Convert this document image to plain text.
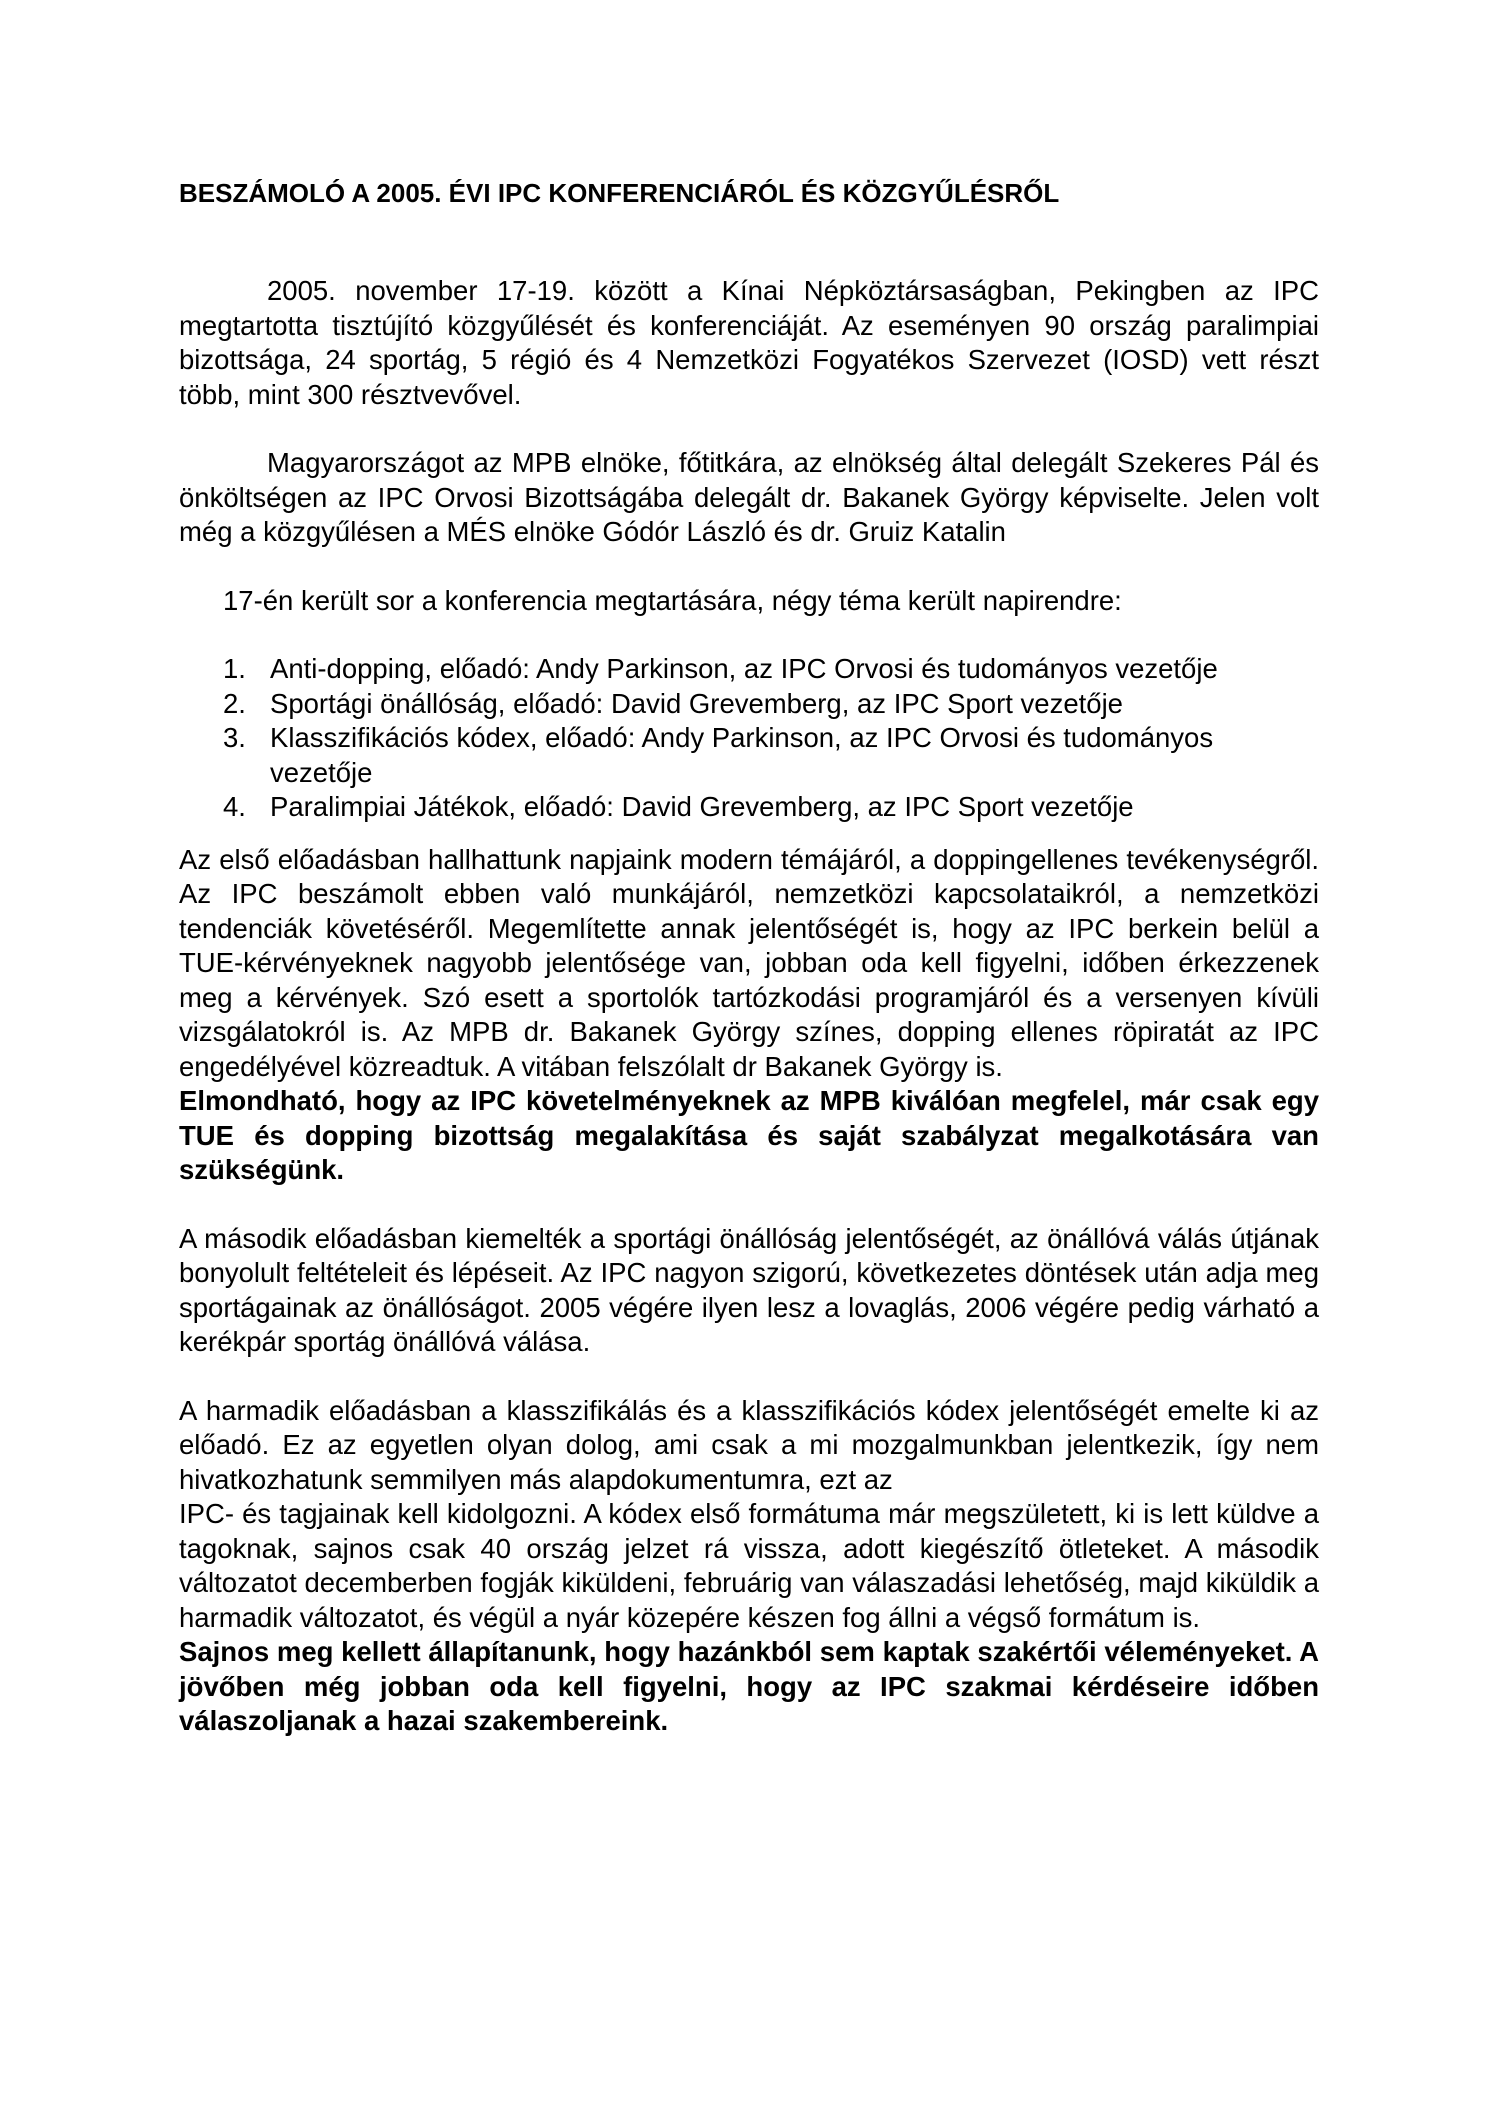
BESZÁMOLÓ A 2005. ÉVI IPC KONFERENCIÁRÓL ÉS KÖZGYŰLÉSRŐL

2005. november 17-19. között a Kínai Népköztársaságban, Pekingben az IPC megtartotta tisztújító közgyűlését és konferenciáját. Az eseményen 90 ország paralimpiai bizottsága, 24 sportág, 5 régió és 4 Nemzetközi Fogyatékos Szervezet (IOSD) vett részt több, mint 300 résztvevővel.

Magyarországot az MPB elnöke, főtitkára, az elnökség által delegált Szekeres Pál és önköltségen az IPC Orvosi Bizottságába delegált dr. Bakanek György képviselte. Jelen volt még a közgyűlésen a MÉS elnöke Gódór László és dr. Gruiz Katalin

17-én került sor a konferencia megtartására, négy téma került napirendre:

1. Anti-dopping, előadó: Andy Parkinson, az IPC Orvosi és tudományos vezetője
2. Sportági önállóság, előadó: David Grevemberg, az IPC Sport vezetője
3. Klasszifikációs kódex, előadó: Andy Parkinson, az IPC Orvosi és tudományos vezetője
4. Paralimpiai Játékok, előadó: David Grevemberg, az IPC Sport vezetője

Az első előadásban hallhattunk napjaink modern témájáról, a doppingellenes tevékenységről. Az IPC beszámolt ebben való munkájáról, nemzetközi kapcsolataikról, a nemzetközi tendenciák követéséről. Megemlítette annak jelentőségét is, hogy az IPC berkein belül a TUE-kérvényeknek nagyobb jelentősége van, jobban oda kell figyelni, időben érkezzenek meg a kérvények. Szó esett a sportolók tartózkodási programjáról és a versenyen kívüli vizsgálatokról is. Az MPB dr. Bakanek György színes, dopping ellenes röpiratát az IPC engedélyével közreadtuk. A vitában felszólalt dr Bakanek György is.

Elmondható, hogy az IPC követelményeknek az MPB kiválóan megfelel, már csak egy TUE és dopping bizottság megalakítása és saját szabályzat megalkotására van szükségünk.

A második előadásban kiemelték a sportági önállóság jelentőségét, az önállóvá válás útjának bonyolult feltételeit és lépéseit. Az IPC nagyon szigorú, következetes döntések után adja meg sportágainak az önállóságot. 2005 végére ilyen lesz a lovaglás, 2006 végére pedig várható a kerékpár sportág önállóvá válása.

A harmadik előadásban a klasszifikálás és a klasszifikációs kódex jelentőségét emelte ki az előadó. Ez az egyetlen olyan dolog, ami csak a mi mozgalmunkban jelentkezik, így nem hivatkozhatunk semmilyen más alapdokumentumra, ezt az

IPC- és tagjainak kell kidolgozni. A kódex első formátuma már megszületett, ki is lett küldve a tagoknak, sajnos csak 40 ország jelzet rá vissza, adott kiegészítő ötleteket. A második változatot decemberben fogják kiküldeni, februárig van válaszadási lehetőség, majd kiküldik a harmadik változatot, és végül a nyár közepére készen fog állni a végső formátum is.

Sajnos meg kellett állapítanunk, hogy hazánkból sem kaptak szakértői véleményeket. A jövőben még jobban oda kell figyelni, hogy az IPC szakmai kérdéseire időben válaszoljanak a hazai szakembereink.
